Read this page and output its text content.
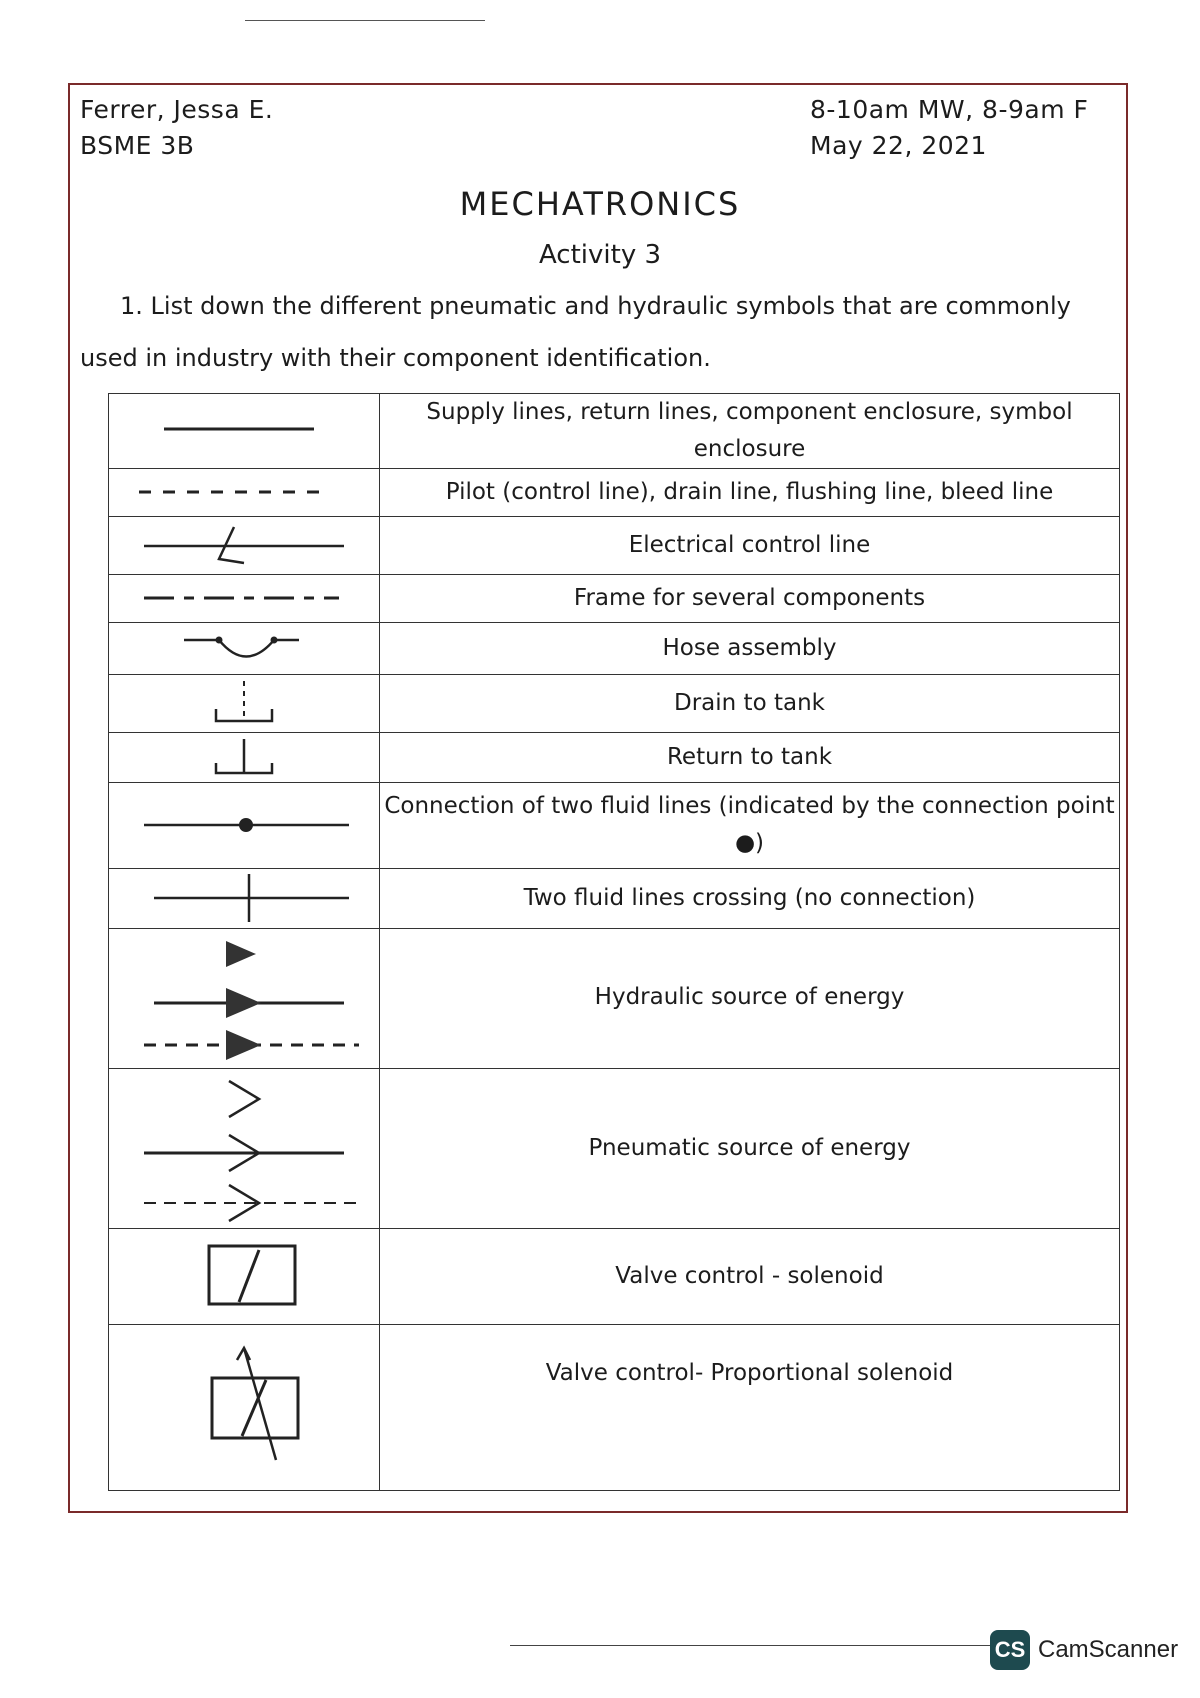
Ferrer, Jessa E.
BSME 3B
8-10am MW, 8-9am F
May 22, 2021
MECHATRONICS
Activity 3
1. List down the different pneumatic and hydraulic symbols that are commonly used in industry with their component identification.
	Supply lines, return lines, component enclosure, symbol enclosure

	Pilot (control line), drain line, flushing line, bleed line

	Electrical control line

	Frame for several components

	Hose assembly

	Drain to tank

	Return to tank

	Connection of two fluid lines (indicated by the connection point ●)

	Two fluid lines crossing (no connection)

	Hydraulic source of energy

	Pneumatic source of energy

	Valve control - solenoid

	Valve control- Proportional solenoid
CS CamScanner
